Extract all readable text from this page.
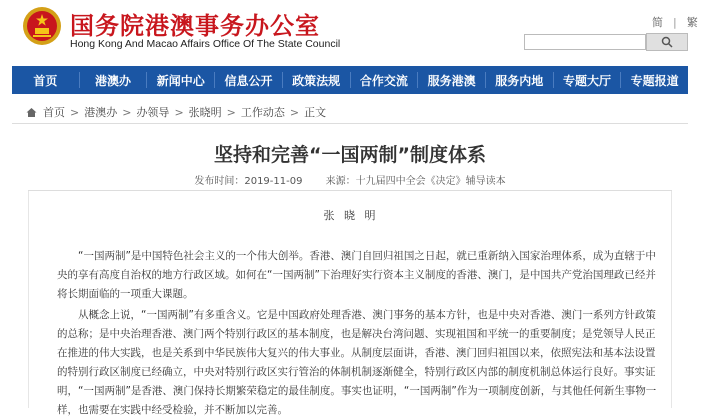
国务院港澳事务办公室
Hong Kong And Macao Affairs Office Of The State Council
简 | 繁
首页	港澳办	新闻中心	信息公开	政策法规	合作交流	服务港澳	服务内地	专题大厅	专题报道
首页 > 港澳办 > 办领导 > 张晓明 > 工作动态 > 正文
坚持和完善“一国两制”制度体系
发布时间：2019-11-09 来源：十九届四中全会《决定》辅导读本
张 晓 明

“一国两制”是中国特色社会主义的一个伟大创举。香港、澳门自回归祖国之日起，就已重新纳入国家治理体系，成为直辖于中央的享有高度自治权的地方行政区域。如何在“一国两制”下治理好实行资本主义制度的香港、澳门，是中国共产党治国理政已经并将长期面临的一项重大课题。

从概念上说，“一国两制”有多重含义。它是中国政府处理香港、澳门事务的基本方针，也是中央对香港、澳门一系列方针政策的总称；是中央治理香港、澳门两个特别行政区的基本制度，也是解决台湾问题、实现祖国和平统一的重要制度；是党领导人民正在推进的伟大实践，也是关系到中华民族伟大复兴的伟大事业。从制度层面讲，香港、澳门回归祖国以来，依照宪法和基本法设置的特别行政区制度已经确立，中央对特别行政区实行管治的体制机制逐渐健全，特别行政区内部的制度机制总体运行良好。事实证明，“一国两制”是香港、澳门保持长期繁荣稳定的最佳制度。事实也证明，“一国两制”作为一项制度创新，与其他任何新生事物一样，也需要在实践中经受检验，并不断加以完善。
